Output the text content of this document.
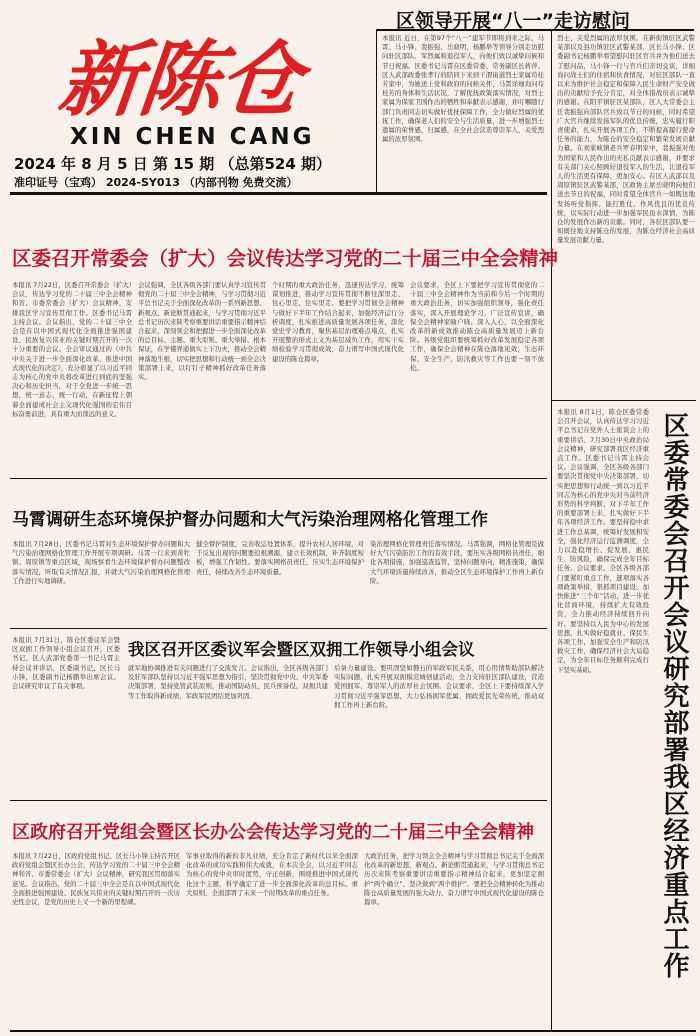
新陈仓
XIN CHEN CANG
2024 年 8 月 5 日 第 15 期 （总第524 期）
准印证号（宝鸡） 2024-SY013 （内部刊物 免费交流）
区领导开展“八一”走访慰问
本报讯 近日，在第97个“八一”建军节即将到来之际，马霄、马小锋、裴振强、岳晓明、杨鹏举等领导分别走访慰问驻区部队、军烈属和退役军人，向他们致以诚挚问候和节日祝福。区委书记马霄在区委常委、常务副区长蒋萍、区人武部政委张孝行的陪同下来到干渭街道烈士家属苟桂芳家中，为她送上党和政府的问候关怀，马霄详细询问苟桂芳的身体和生活状况，了解优抚政策落实情况，对烈士家属为保家卫国作出的牺牲和奉献表示感谢，并叮嘱随行部门负责同志切实做好优抚保障工作，全力做好烈属的优抚工作，确保老人们的安全与生活质量，进一步增强烈士遗属的荣誉感、归属感，在全社会营造尊崇军人、关爱烈属的浓厚氛围。
烈士、关爱烈属的浓厚氛围。在新街镇驻区武警某部以及县功镇驻区武警某部，区长马小锋、区委副书记杨鹏举看望慰问驻区官兵并为他们送去了慰问品，马小锋一行与官兵们亲切交谈，详细询问战士们的住宿和伙食情况，对驻区部队一直以来为维护社会稳定和保障人民生命财产安全做出的贡献给予充分肯定，对全体指战员表示诚挚的感谢。在阳平镇驻区某部队，区人大常委会主任裴振强向部队官兵致以节日的问候，同时希望广大官兵继续发扬军队的优良传统，忠实履行职责使命，扎实开展各项工作，不断提高履行使命任务的能力，为陈仓的安全稳定和繁荣发展贡献力量。在刘家峡镇老兵罗春明家中，裴振强对他为国家和人民作出的无私贡献表示感谢，并要求有关部门关心照顾好退役军人的生活，让退役军人的生活更有保障、更加安心。在区人武部以及周原镇驻区武警某部，区政协主席岳晓明向他们送去节日的祝福，同时希望全体官兵一如既往地发扬听党指挥、能打胜仗、作风优良的优良传统，以实际行动进一步加强军民鱼水深情，为陈仓的发展作出新的贡献。同时，各驻区部队要一如既往地支持陈仓的发展，为陈仓经济社会高质量发展贡献力量。
区委召开常委会（扩大）会议传达学习党的二十届三中全会精神
本报讯 7月22日，区委召开常委会（扩大）会议，传达学习党的二十届三中全会精神和省、市委常委会（扩大）会议精神，安排我区学习宣传贯彻工作。区委书记马霄主持会议。会议指出，党的二十届三中全会是在以中国式现代化全面推进强国建设、民族复兴伟业的关键时期召开的一次十分重要的会议。全会审议通过的《中共中央关于进一步全面深化改革、推进中国式现代化的决定》，充分彰显了以习近平同志为核心的党中央将改革进行到底的坚强决心和历史担当，对于全党进一步统一思想、统一意志、统一行动，在新征程上朝着全面建成社会主义现代化强国的宏伟目标奋勇前进，具有重大而深远的意义。
会议强调，全区各级各部门要认真学习宣传贯彻党的二十届三中全会精神，与学习贯彻习近平总书记关于全面深化改革的一系列新思想、新观点、新论断贯通起来，与学习贯彻习近平总书记历次来陕考察重要讲话重要指示精神结合起来，深刻领会和把握进一步全面深化改革的总目标、主题、重大原则、重大举措、根本保证，在学懂弄通做实上下功夫，推动全会精神落地生根，切实把思想和行动统一到全会决策部署上来，以钉钉子精神抓好改革任务落实。
个时期的重大政治任务，迅速传达学习，统筹谋划推进，推动学习宣传贯彻不断往深里走、往心里走、往实里走。要把学习贯彻全会精神与做好下半年工作结合起来，加强经济运行分析调度，扎实推进高质量发展各项任务，深化党史学习教育，聚焦基层治理难点堵点，扎实开展整治形式主义为基层减负工作，用实干实绩检验学习贯彻成效，奋力谱写中国式现代化建设的陈仓篇章。
会议要求，全区上下要把学习宣传贯彻党的二十届三中全会精神作为当前和今后一个时期的重大政治任务，切实加强组织领导，强化责任落实，深入开展理论学习，广泛宣传宣讲，确保全会精神家喻户晓、深入人心，以全面深化改革的新成效推动陈仓高质量发展迈上新台阶。各级党组织要统筹抓好改革发展稳定各项工作，确保全会精神在陈仓落地见效，生态环保、安全生产、防汛救灾等工作也要一刻不放松。
马霄调研生态环境保护督办问题和大气污染治理网格化管理工作
本报讯 7月28日，区委书记马霄对生态环境保护督办问题和大气污染治理网格化管理工作开展专项调研。马霄一行来到黄牡镇、周原镇等重点区域，现场察看生态环境保护督办问题整改落实情况，听取有关情况汇报，并就大气污染治理网格化管理工作进行实地调研。
健全督护制度，完善收运处置体系，提升农村人居环境，对于反复出现的问题要追根溯源，建立长效机制，补齐制度短板，增强工作韧性。要落实网格员责任，压实生态环境保护责任，持续改善生态环境质量。
染治理网格化管理责任落实情况。马霄强调，网格化管理是做好大气污染防治工作的有效手段，要压实各级网格员责任，细化各项措施，加强巡查监管，坚持问题导向，精准施策，确保大气环境质量持续改善，推动全区生态环境保护工作再上新台阶。
我区召开区委议军会暨区双拥工作领导小组会议
本报讯 7月31日，陈仓区委议军会暨区双拥工作领导小组会议召开，区委书记、区人武部党委第一书记马霄主持会议并讲话，区委副书记、区长马小锋，区委副书记杨鹏举出席会议。会议研究审议了有关事项。
就军地协调推进有关问题进行了交流发言。会议指出，全区各级各部门及驻军部队坚持以习近平强军思想为指引，坚决贯彻党中央、中央军委决策部署，坚持党管武装原则，推动国防动员、民兵预备役、双拥共建等工作取得新成绩，军政军民团结更加巩固。
后备力量建设。要巩固坚如磐石的军政军民关系，用心用情帮助部队解决实际问题，扎实开展双拥模范城创建活动，全力支持驻区部队建设，营造爱国拥军、尊崇军人的浓厚社会氛围。会议要求，全区上下要持续深入学习贯彻习近平强军思想，大力弘扬拥军优属、拥政爱民光荣传统，推动双拥工作再上新台阶。
区政府召开党组会暨区长办公会传达学习党的二十届三中全会精神
本报讯 7月22日，区政府党组书记、区长马小锋主持召开区政府党组会暨区长办公会，传达学习党的二十届三中全会精神和省、市委常委会（扩大）会议精神，研究我区贯彻落实意见。会议指出，党的二十届三中全会是在以中国式现代化全面推进强国建设、民族复兴伟业的关键时期召开的一次历史性会议，是党的历史上又一个新的里程碑。
军事业取得的新的非凡业绩，充分肯定了新时代以来全面深化改革的成功实践和伟大成就，在本次全会，以习近平同志为核心的党中央审时度势，守正创新，围绕推进中国式现代化这个主题，科学确定了进一步全面深化改革的总目标、重大原则，全面部署了未来一个时期改革的重点任务。
大政治任务，把学习领会全会精神与学习贯彻总书记关于全面深化改革的新思想、新观点、新论断贯通起来，与学习贯彻总书记历次来陕考察重要讲话重要指示精神结合起来，更加坚定拥护“两个确立”、坚决做到“两个维护”。要把全会精神转化为推动陈仓高质量发展的强大动力，奋力谱写中国式现代化建设的陈仓篇章。
本报讯 8月1日，陈仓区委常委会召开会议，认真传达学习习近平总书记在党外人士座谈会上的重要讲话、7月30日中央政治局会议精神，研究部署我区经济重点工作。区委书记马霄主持会议。会议强调，全区各级各部门要坚决贯彻党中央决策部署，切实把思想和行动统一到以习近平同志为核心的党中央对当前经济形势的科学判断、对下半年工作的重要部署上来，扎实做好下半年各项经济工作。要坚持稳中求进工作总基调，统筹好发展和安全，强化经济运行监测调度，全力以赴稳增长、促发展、惠民生、防风险，确保完成全年目标任务。会议要求，全区各级各部门要紧盯重点工作，逐项落实各项政策举措，狠抓项目建设，加快推进“三个年”活动，进一步优化营商环境，持续扩大有效投资，全力推动经济持续回升向好。要坚持以人民为中心的发展思想，扎实做好稳就业、保民生各项工作，加强安全生产和防汛救灾工作，确保经济社会大局稳定，为全年目标任务顺利完成打下坚实基础。	区委常委会召开会议研究部署我区经济重点工作
